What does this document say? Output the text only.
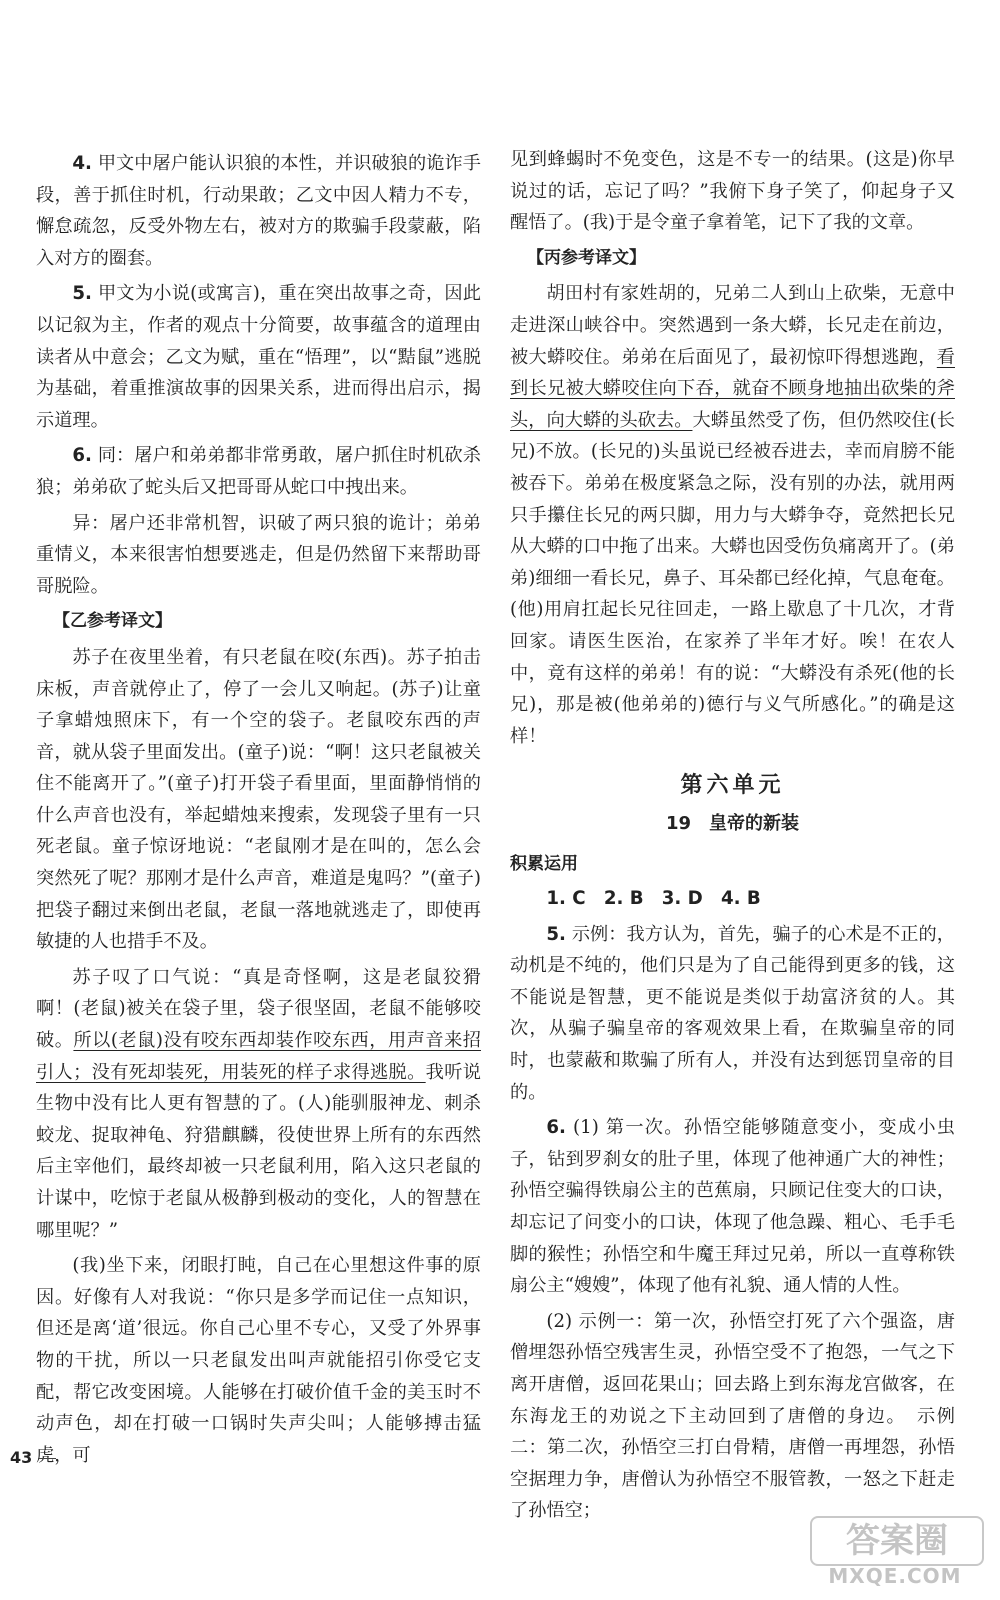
4. 甲文中屠户能认识狼的本性，并识破狼的诡诈手段，善于抓住时机，行动果敢；乙文中因人精力不专，懈怠疏忽，反受外物左右，被对方的欺骗手段蒙蔽，陷入对方的圈套。

5. 甲文为小说(或寓言)，重在突出故事之奇，因此以记叙为主，作者的观点十分简要，故事蕴含的道理由读者从中意会；乙文为赋，重在“悟理”，以“黠鼠”逃脱为基础，着重推演故事的因果关系，进而得出启示，揭示道理。

6. 同：屠户和弟弟都非常勇敢，屠户抓住时机砍杀狼；弟弟砍了蛇头后又把哥哥从蛇口中拽出来。

异：屠户还非常机智，识破了两只狼的诡计；弟弟重情义，本来很害怕想要逃走，但是仍然留下来帮助哥哥脱险。

【乙参考译文】

苏子在夜里坐着，有只老鼠在咬(东西)。苏子拍击床板，声音就停止了，停了一会儿又响起。(苏子)让童子拿蜡烛照床下，有一个空的袋子。老鼠咬东西的声音，就从袋子里面发出。(童子)说：“啊！这只老鼠被关住不能离开了。”(童子)打开袋子看里面，里面静悄悄的什么声音也没有，举起蜡烛来搜索，发现袋子里有一只死老鼠。童子惊讶地说：“老鼠刚才是在叫的，怎么会突然死了呢？那刚才是什么声音，难道是鬼吗？”(童子)把袋子翻过来倒出老鼠，老鼠一落地就逃走了，即使再敏捷的人也措手不及。

苏子叹了口气说：“真是奇怪啊，这是老鼠狡猾啊！(老鼠)被关在袋子里，袋子很坚固，老鼠不能够咬破。所以(老鼠)没有咬东西却装作咬东西，用声音来招引人；没有死却装死，用装死的样子求得逃脱。我听说生物中没有比人更有智慧的了。(人)能驯服神龙、刺杀蛟龙、捉取神龟、狩猎麒麟，役使世界上所有的东西然后主宰他们，最终却被一只老鼠利用，陷入这只老鼠的计谋中，吃惊于老鼠从极静到极动的变化，人的智慧在哪里呢？”

(我)坐下来，闭眼打盹，自己在心里想这件事的原因。好像有人对我说：“你只是多学而记住一点知识，但还是离‘道’很远。你自己心里不专心，又受了外界事物的干扰，所以一只老鼠发出叫声就能招引你受它支配，帮它改变困境。人能够在打破价值千金的美玉时不动声色，却在打破一口锅时失声尖叫；人能够搏击猛虎，可

见到蜂蝎时不免变色，这是不专一的结果。(这是)你早说过的话，忘记了吗？”我俯下身子笑了，仰起身子又醒悟了。(我)于是令童子拿着笔，记下了我的文章。

【丙参考译文】

胡田村有家姓胡的，兄弟二人到山上砍柴，无意中走进深山峡谷中。突然遇到一条大蟒，长兄走在前边，被大蟒咬住。弟弟在后面见了，最初惊吓得想逃跑，看到长兄被大蟒咬住向下吞，就奋不顾身地抽出砍柴的斧头，向大蟒的头砍去。大蟒虽然受了伤，但仍然咬住(长兄)不放。(长兄的)头虽说已经被吞进去，幸而肩膀不能被吞下。弟弟在极度紧急之际，没有别的办法，就用两只手攥住长兄的两只脚，用力与大蟒争夺，竟然把长兄从大蟒的口中拖了出来。大蟒也因受伤负痛离开了。(弟弟)细细一看长兄，鼻子、耳朵都已经化掉，气息奄奄。(他)用肩扛起长兄往回走，一路上歇息了十几次，才背回家。请医生医治，在家养了半年才好。唉！在农人中，竟有这样的弟弟！有的说：“大蟒没有杀死(他的长兄)，那是被(他弟弟的)德行与义气所感化。”的确是这样！

第六单元
19　 皇帝的新装
积累运用

1. C　2. B　3. D　4. B

5. 示例：我方认为，首先，骗子的心术是不正的，动机是不纯的，他们只是为了自己能得到更多的钱，这不能说是智慧，更不能说是类似于劫富济贫的人。其次，从骗子骗皇帝的客观效果上看，在欺骗皇帝的同时，也蒙蔽和欺骗了所有人，并没有达到惩罚皇帝的目的。

6. (1) 第一次。孙悟空能够随意变小，变成小虫子，钻到罗刹女的肚子里，体现了他神通广大的神性；孙悟空骗得铁扇公主的芭蕉扇，只顾记住变大的口诀，却忘记了问变小的口诀，体现了他急躁、粗心、毛手毛脚的猴性；孙悟空和牛魔王拜过兄弟，所以一直尊称铁扇公主“嫂嫂”，体现了他有礼貌、通人情的人性。

(2) 示例一：第一次，孙悟空打死了六个强盗，唐僧埋怨孙悟空残害生灵，孙悟空受不了抱怨，一气之下离开唐僧，返回花果山；回去路上到东海龙宫做客，在东海龙王的劝说之下主动回到了唐僧的身边。　示例二：第二次，孙悟空三打白骨精，唐僧一再埋怨，孙悟空据理力争，唐僧认为孙悟空不服管教，一怒之下赶走了孙悟空；

43
答案圈
MXQE.COM
